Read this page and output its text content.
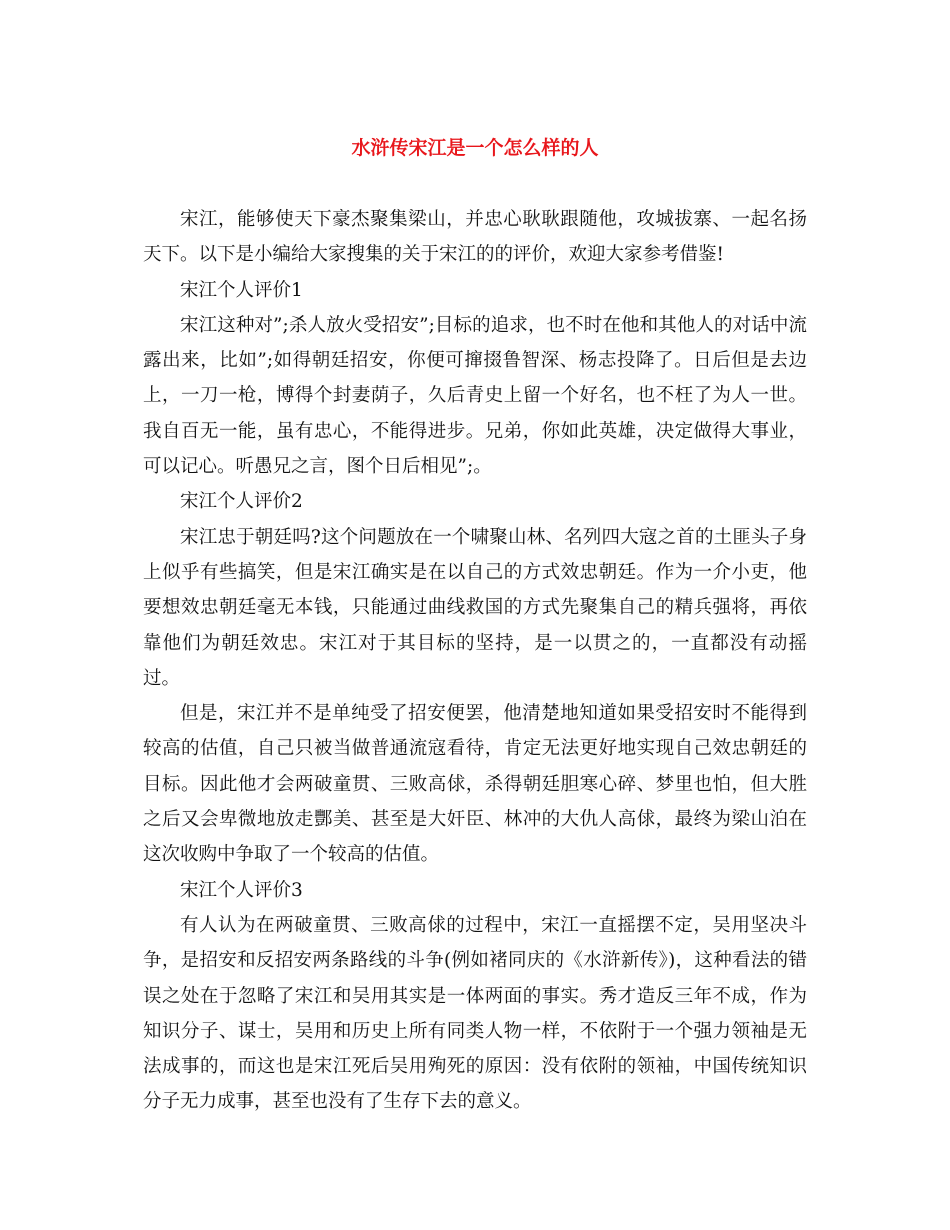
水浒传宋江是一个怎么样的人

宋江，能够使天下豪杰聚集梁山，并忠心耿耿跟随他，攻城拔寨、一起名扬天下。以下是小编给大家搜集的关于宋江的的评价，欢迎大家参考借鉴!

宋江个人评价1

宋江这种对”;杀人放火受招安”;目标的追求，也不时在他和其他人的对话中流露出来，比如”;如得朝廷招安，你便可撺掇鲁智深、杨志投降了。日后但是去边上，一刀一枪，博得个封妻荫子，久后青史上留一个好名，也不枉了为人一世。我自百无一能，虽有忠心，不能得进步。兄弟，你如此英雄，决定做得大事业，可以记心。听愚兄之言，图个日后相见”;。

宋江个人评价2

宋江忠于朝廷吗?这个问题放在一个啸聚山林、名列四大寇之首的土匪头子身上似乎有些搞笑，但是宋江确实是在以自己的方式效忠朝廷。作为一介小吏，他要想效忠朝廷毫无本钱，只能通过曲线救国的方式先聚集自己的精兵强将，再依靠他们为朝廷效忠。宋江对于其目标的坚持，是一以贯之的，一直都没有动摇过。

但是，宋江并不是单纯受了招安便罢，他清楚地知道如果受招安时不能得到较高的估值，自己只被当做普通流寇看待，肯定无法更好地实现自己效忠朝廷的目标。因此他才会两破童贯、三败高俅，杀得朝廷胆寒心碎、梦里也怕，但大胜之后又会卑微地放走酆美、甚至是大奸臣、林冲的大仇人高俅，最终为梁山泊在这次收购中争取了一个较高的估值。

宋江个人评价3

有人认为在两破童贯、三败高俅的过程中，宋江一直摇摆不定，吴用坚决斗争，是招安和反招安两条路线的斗争(例如褚同庆的《水浒新传》)，这种看法的错误之处在于忽略了宋江和吴用其实是一体两面的事实。秀才造反三年不成，作为知识分子、谋士，吴用和历史上所有同类人物一样，不依附于一个强力领袖是无法成事的，而这也是宋江死后吴用殉死的原因：没有依附的领袖，中国传统知识分子无力成事，甚至也没有了生存下去的意义。
